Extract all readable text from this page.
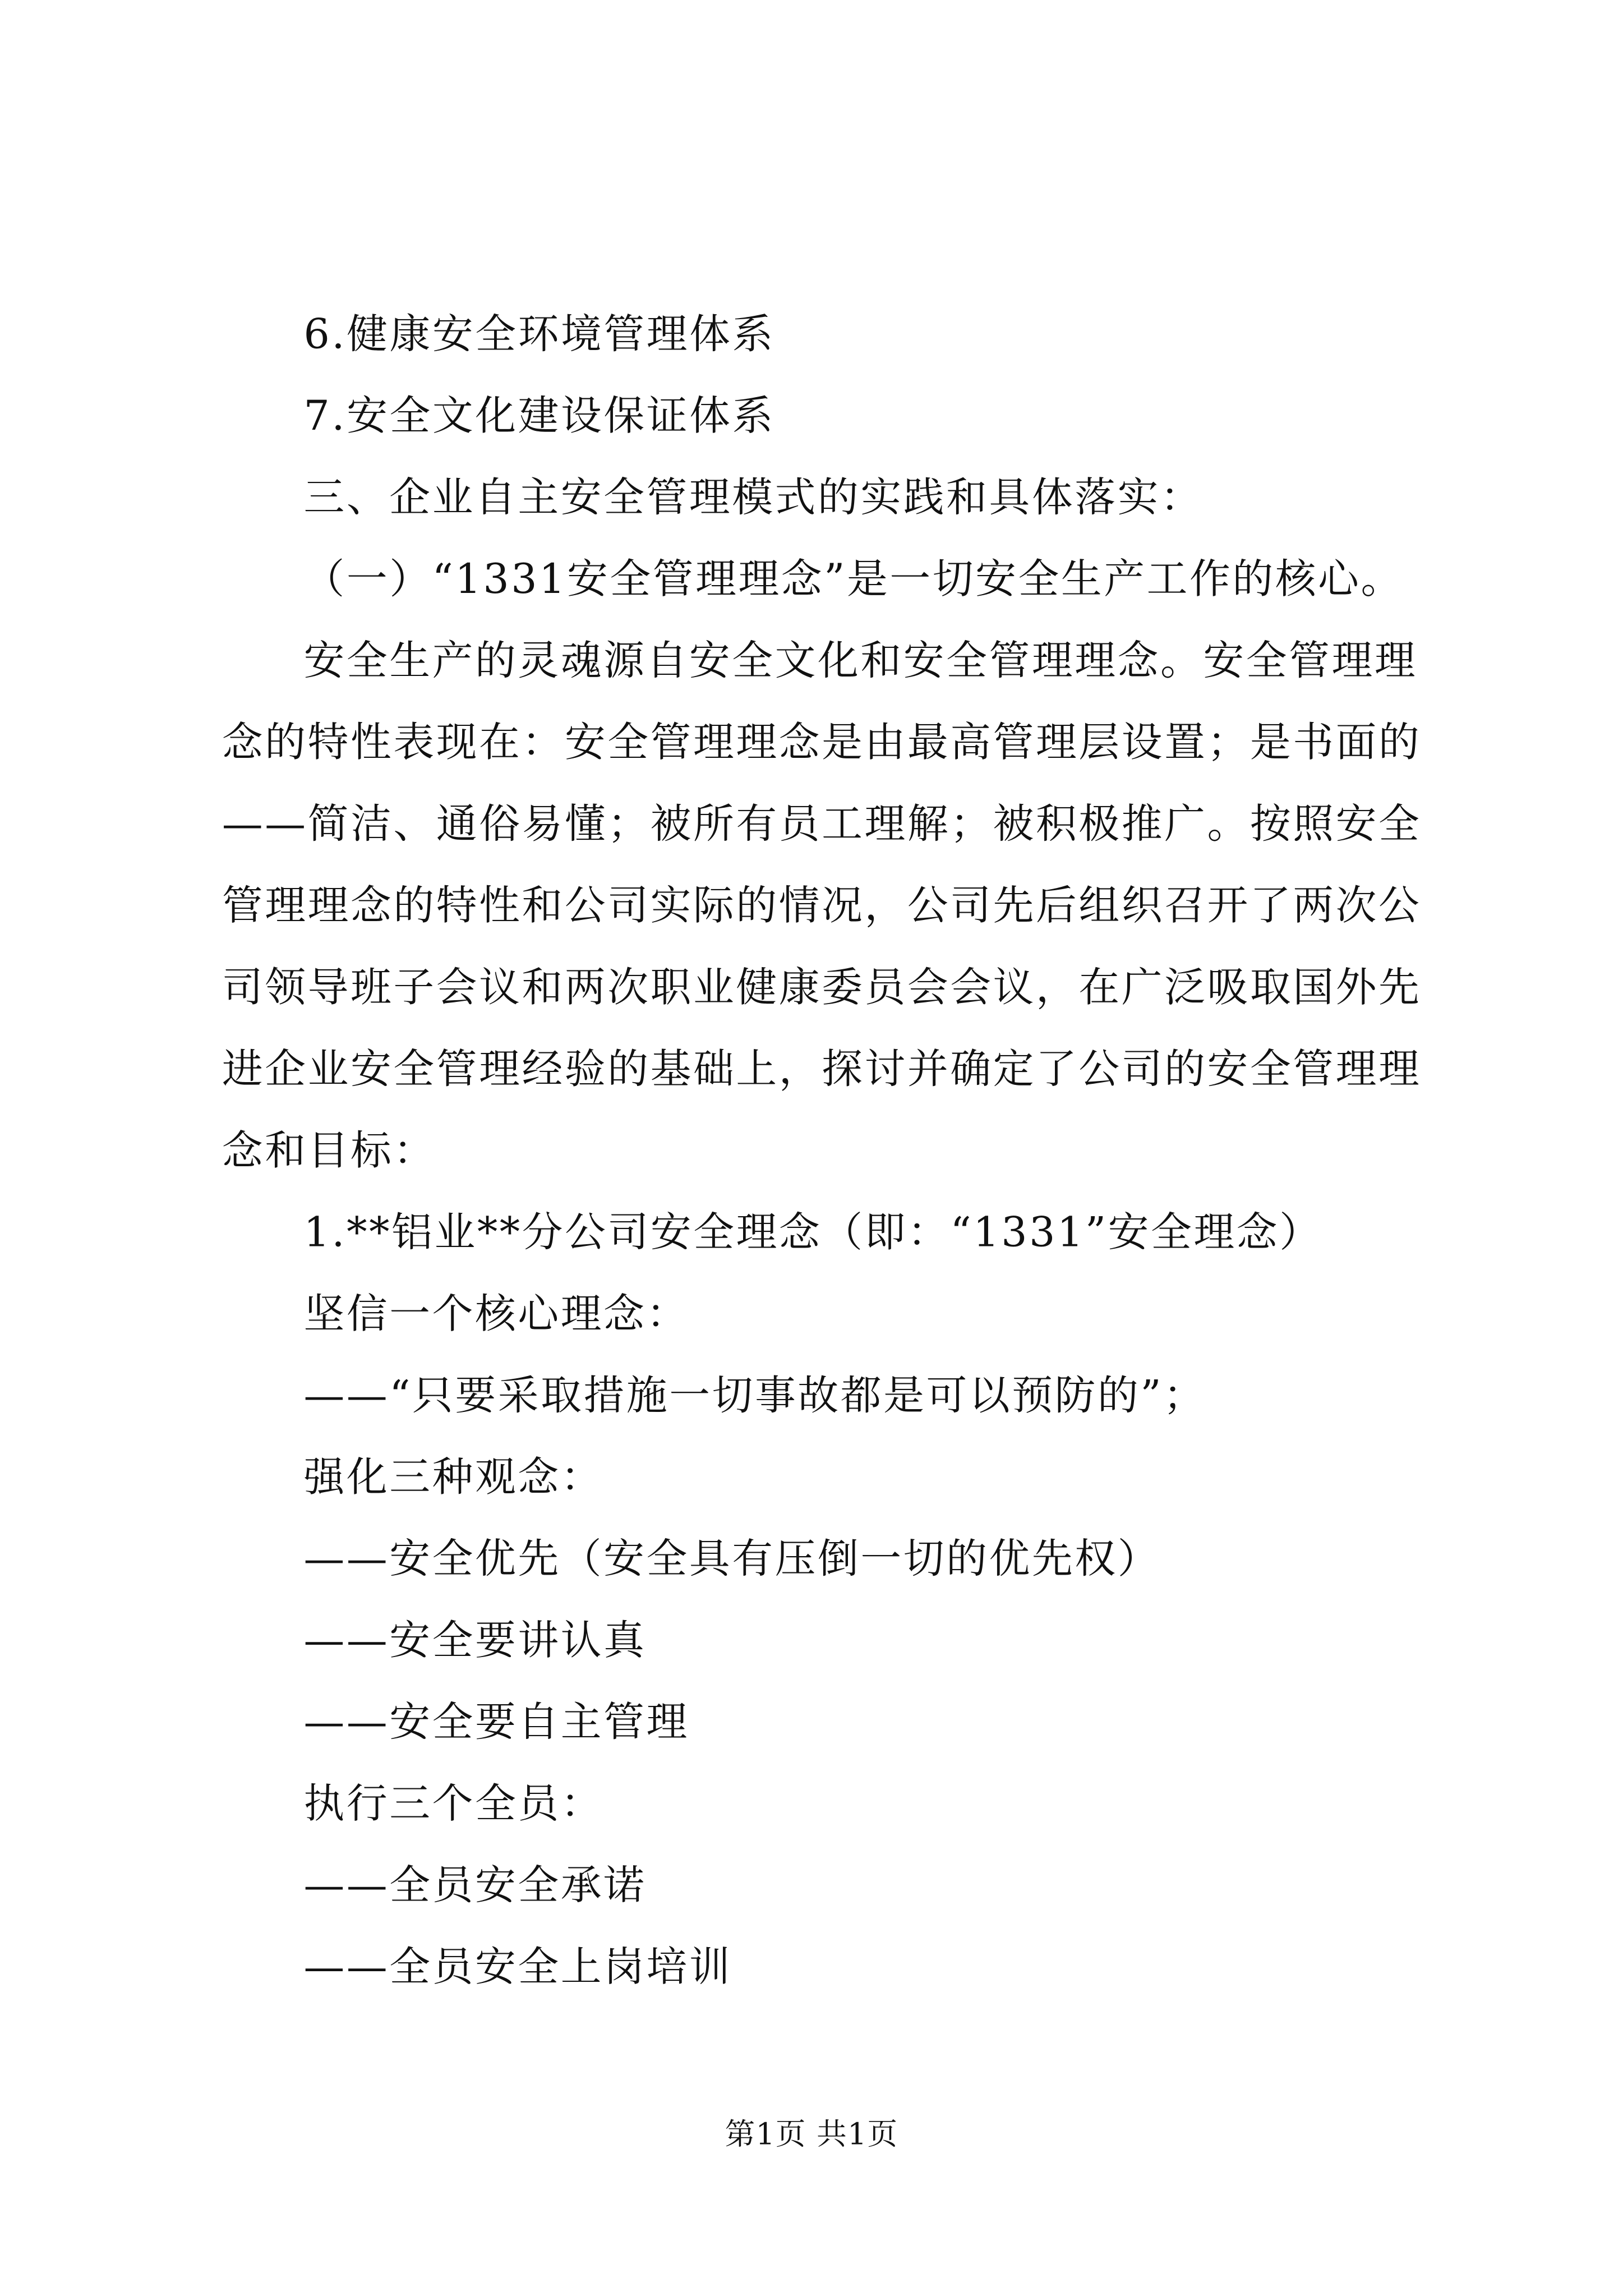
6.健康安全环境管理体系
7.安全文化建设保证体系
三、企业自主安全管理模式的实践和具体落实：
（一）“1331安全管理理念”是一切安全生产工作的核心。
安全生产的灵魂源自安全文化和安全管理理念。安全管理理
念的特性表现在：安全管理理念是由最高管理层设置；是书面的
——简洁、通俗易懂；被所有员工理解；被积极推广。按照安全
管理理念的特性和公司实际的情况，公司先后组织召开了两次公
司领导班子会议和两次职业健康委员会会议，在广泛吸取国外先
进企业安全管理经验的基础上，探讨并确定了公司的安全管理理
念和目标：
1.**铝业**分公司安全理念（即：“1331”安全理念）
坚信一个核心理念：
——“只要采取措施一切事故都是可以预防的”；
强化三种观念：
——安全优先（安全具有压倒一切的优先权）
——安全要讲认真
——安全要自主管理
执行三个全员：
——全员安全承诺
——全员安全上岗培训
第1页 共1页
